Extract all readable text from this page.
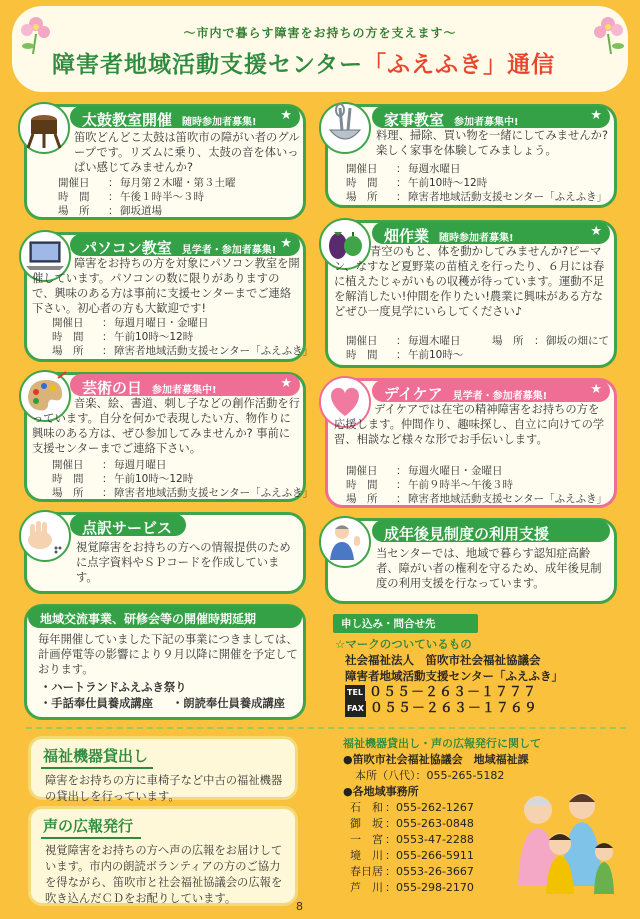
～市内で暮らす障害をお持ちの方を支えます～
障害者地域活動支援センター「ふえふき」通信
太鼓教室開催 随時参加者募集! ★
笛吹どんどこ太鼓は笛吹市の障がい者のグループです。リズムに乗り、太鼓の音を体いっぱい感じてみませんか?
開催日 ： 毎月第２木曜・第３土曜
時　間 ： 午後１時半～３時
場　所 ： 御坂道場
家事教室 参加者募集中!	★
料理、掃除、買い物を一緒にしてみませんか?楽しく家事を体験してみましょう。
開催日 ： 毎週水曜日
時　間 ： 午前10時～12時
場　所 ： 障害者地域活動支援センター「ふえふき」
パソコン教室 見学者・参加者募集! ★
障害をお持ちの方を対象にパソコン教室を開催しています。パソコンの数に限りがありますので、興味のある方は事前に支援センターまでご連絡下さい。初心者の方も大歓迎です!
開催日 ： 毎週月曜日・金曜日
時　間 ： 午前10時～12時
場　所 ： 障害者地域活動支援センター「ふえふき」
畑作業 随時参加者募集!	★
青空のもと、体を動かしてみませんか?ピーマン、なすなど夏野菜の苗植えを行ったり、６月には春に植えたじゃがいもの収穫が待っています。運動不足を解消したい!仲間を作りたい!農業に興味がある方などぜひ一度見学にいらしてください♪
開催日 ： 毎週木曜日	場　所 ： 御坂の畑にて
時　間 ： 午前10時～
芸術の日 参加者募集中!	★
音楽、絵、書道、刺し子などの創作活動を行っています。自分を何かで表現したい方、物作りに興味のある方は、ぜひ参加してみませんか? 事前に支援センターまでご連絡下さい。
開催日 ： 毎週月曜日
時　間 ： 午前10時～12時
場　所 ： 障害者地域活動支援センター「ふえふき」
デイケア 見学者・参加者募集!	★
デイケアでは在宅の精神障害をお持ちの方を応援します。仲間作り、趣味探し、自立に向けての学習、相談など様々な形でお手伝いします。
開催日 ： 毎週火曜日・金曜日
時　間 ： 午前９時半～午後３時
場　所 ： 障害者地域活動支援センター「ふえふき」
点訳サービス
視覚障害をお持ちの方への情報提供のために点字資料やＳＰコードを作成しています。
成年後見制度の利用支援
当センターでは、地域で暮らす認知症高齢者、障がい者の権利を守るため、成年後見制度の利用支援を行なっています。
地域交流事業、研修会等の開催時期延期
毎年開催していました下記の事業につきましては、計画停電等の影響により９月以降に開催を予定しております。
・ハートランドふえふき祭り
・手話奉仕員養成講座	・朗読奉仕員養成講座
申し込み・問合せ先
☆マークのついているもの
社会福祉法人　笛吹市社会福祉協議会
障害者地域活動支援センター「ふえふき」
TEL ０５５－２６３－１７７７
FAX ０５５－２６３－１７６９
福祉機器貸出し
障害をお持ちの方に車椅子など中古の福祉機器の貸出しを行っています。
声の広報発行
視覚障害をお持ちの方へ声の広報をお届けしています。市内の朗読ボランティアの方のご協力を得ながら、笛吹市と社会福祉協議会の広報を吹き込んだＣＤをお配りしています。
福祉機器貸出し・声の広報発行に関して
●笛吹市社会福祉協議会　地域福祉課
本所（八代）：055-265-5182
●各地域事務所
石　和 ：055-262-1267
御　坂 ：055-263-0848
一　宮 ：0553-47-2288
境　川 ：055-266-5911
春日居 ：0553-26-3667
芦　川 ：055-298-2170
8
